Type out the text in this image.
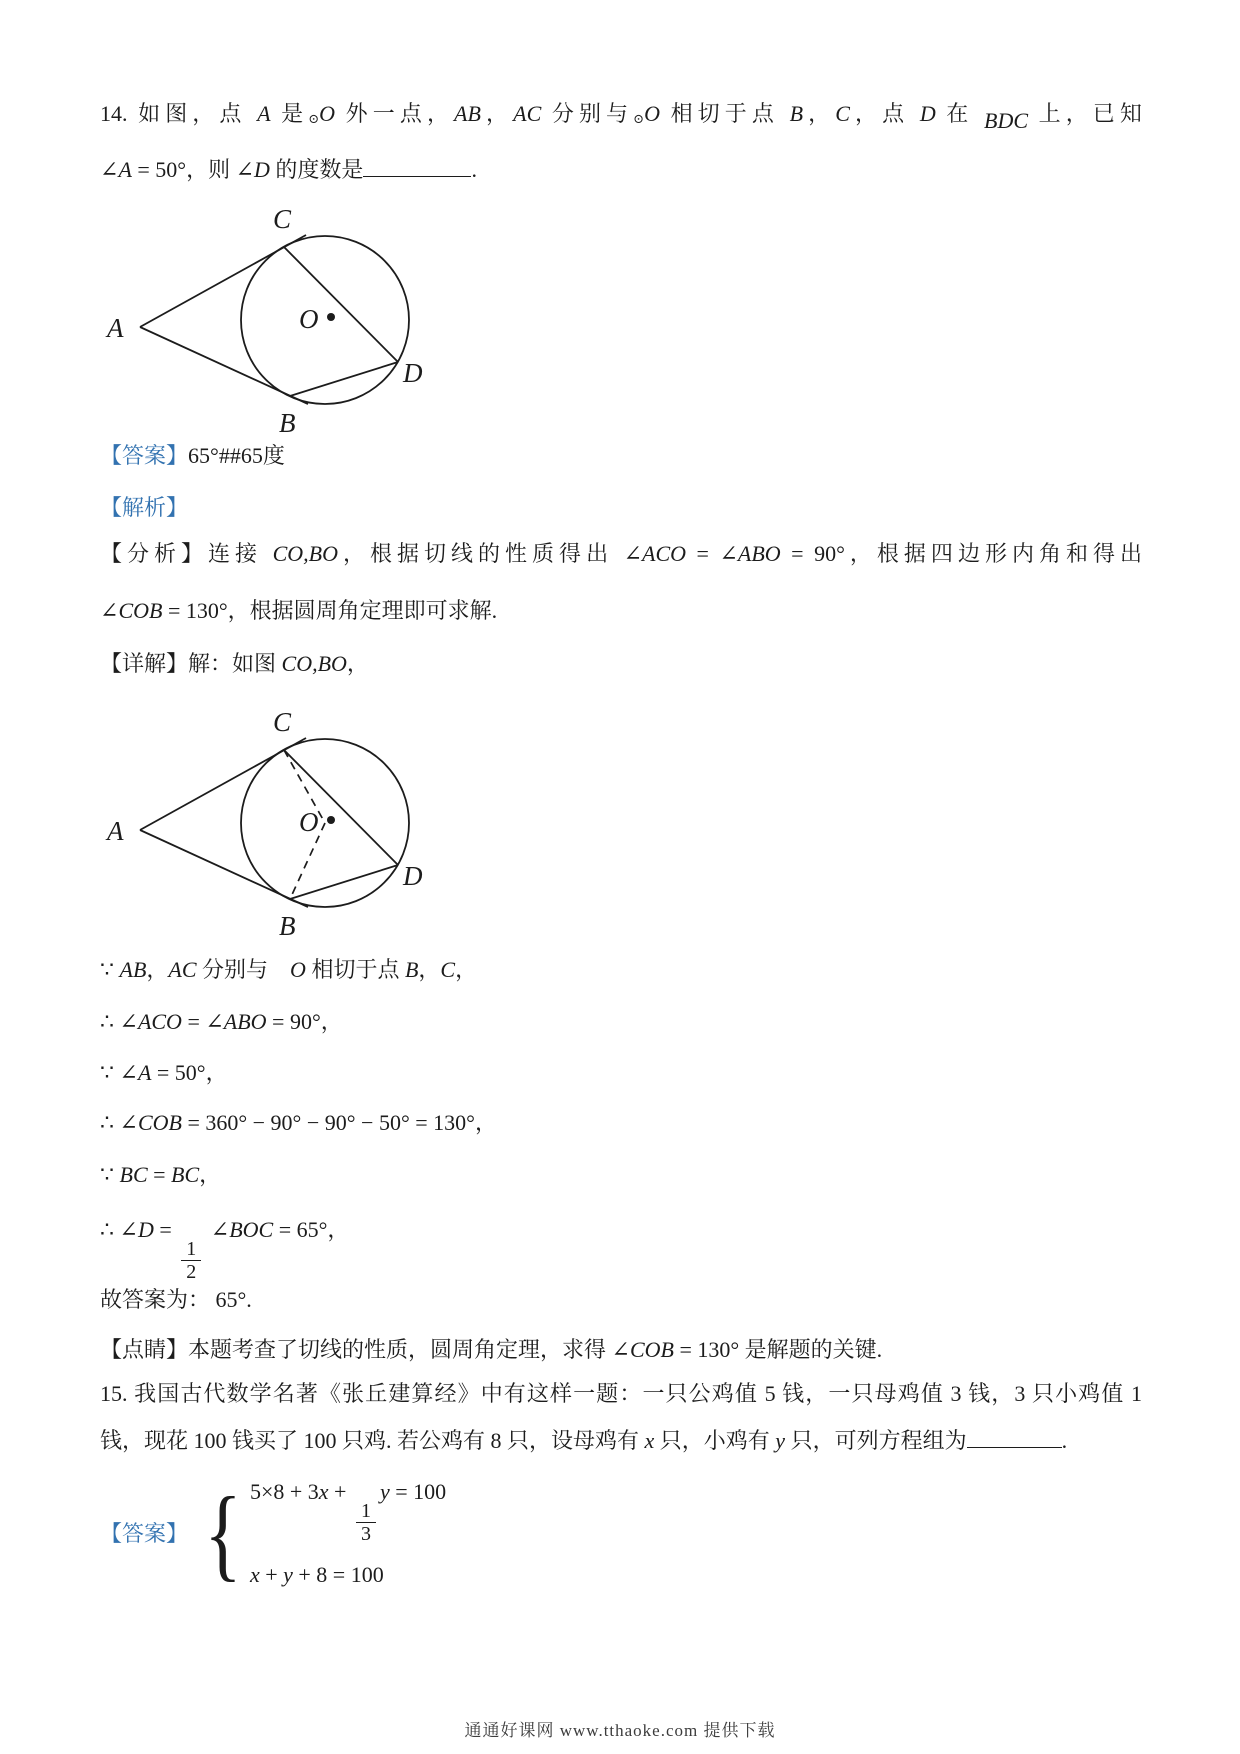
14. 如图，点 A 是⊙O 外一点，AB，AC 分别与⊙O 相切于点 B，C，点 D 在 BDC 上，已知
∠A = 50°，则 ∠D 的度数是	.
A
C
B
D
O
【答案】65°##65度
【解析】
【分析】连接 CO,BO，根据切线的性质得出 ∠ACO = ∠ABO = 90°，根据四边形内角和得出
∠COB = 130°，根据圆周角定理即可求解.
【详解】解：如图 CO,BO，
A
C
B
D
O
∵ AB，AC 分别与　O 相切于点 B，C，
∴ ∠ACO = ∠ABO = 90°，
∵ ∠A = 50°，
∴ ∠COB = 360° − 90° − 90° − 50° = 130°，
∵ BC = BC，
∴ ∠D =
$\frac{1}{2}$
∠BOC = 65°，
故答案为： 65°.
【点睛】本题考查了切线的性质，圆周角定理，求得 ∠COB = 130° 是解题的关键.
15. 我国古代数学名著《张丘建算经》中有这样一题：一只公鸡值 5 钱，一只母鸡值 3 钱，3 只小鸡值 1
钱，现花 100 钱买了 100 只鸡. 若公鸡有 8 只，设母鸡有 x 只，小鸡有 y 只，可列方程组为	.
【答案】 { 5×8 + 3x +
$\frac{1}{3}$
y = 100
x + y + 8 = 100
通通好课网 www.tthaoke.com 提供下载
